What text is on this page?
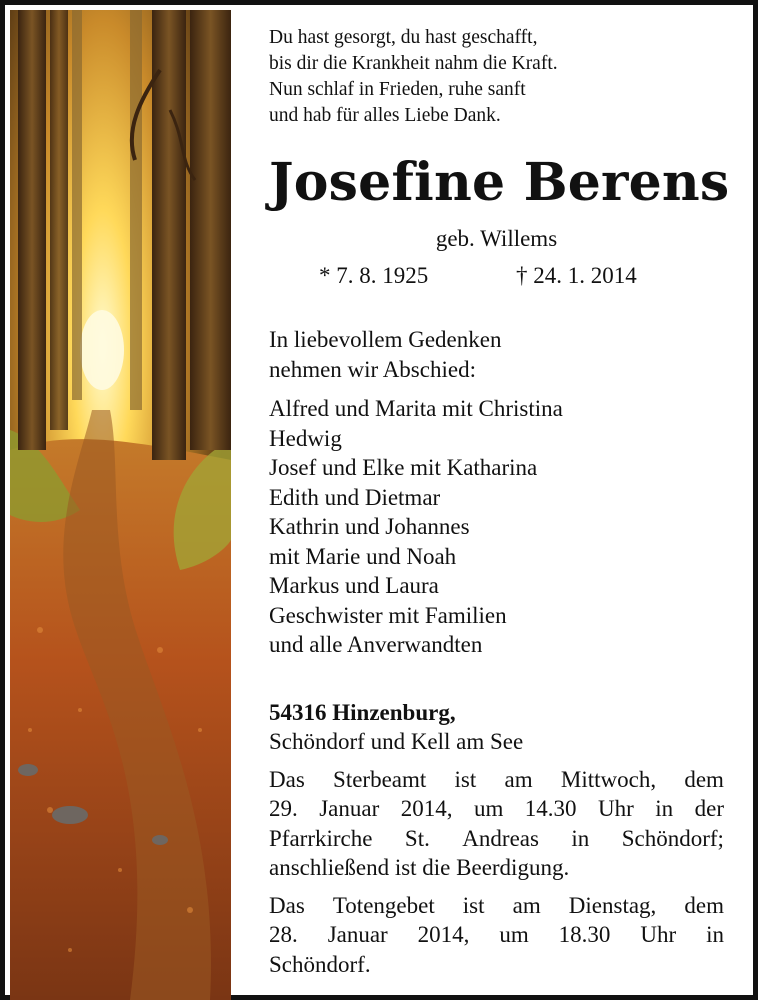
Du hast gesorgt, du hast geschafft,
bis dir die Krankheit nahm die Kraft.
Nun schlaf in Frieden, ruhe sanft
und hab für alles Liebe Dank.
Josefine Berens
geb. Willems
* 7. 8. 1925	† 24. 1. 2014
In liebevollem Gedenken
nehmen wir Abschied:
Alfred und Marita mit Christina
Hedwig
Josef und Elke mit Katharina
Edith und Dietmar
Kathrin und Johannes
mit Marie und Noah
Markus und Laura
Geschwister mit Familien
und alle Anverwandten
54316 Hinzenburg,
Schöndorf und Kell am See
Das Sterbeamt ist am Mittwoch, dem
29. Januar 2014, um 14.30 Uhr in der
Pfarrkirche St. Andreas in Schöndorf;
anschließend ist die Beerdigung.
Das Totengebet ist am Dienstag, dem
28. Januar 2014, um 18.30 Uhr in
Schöndorf.
